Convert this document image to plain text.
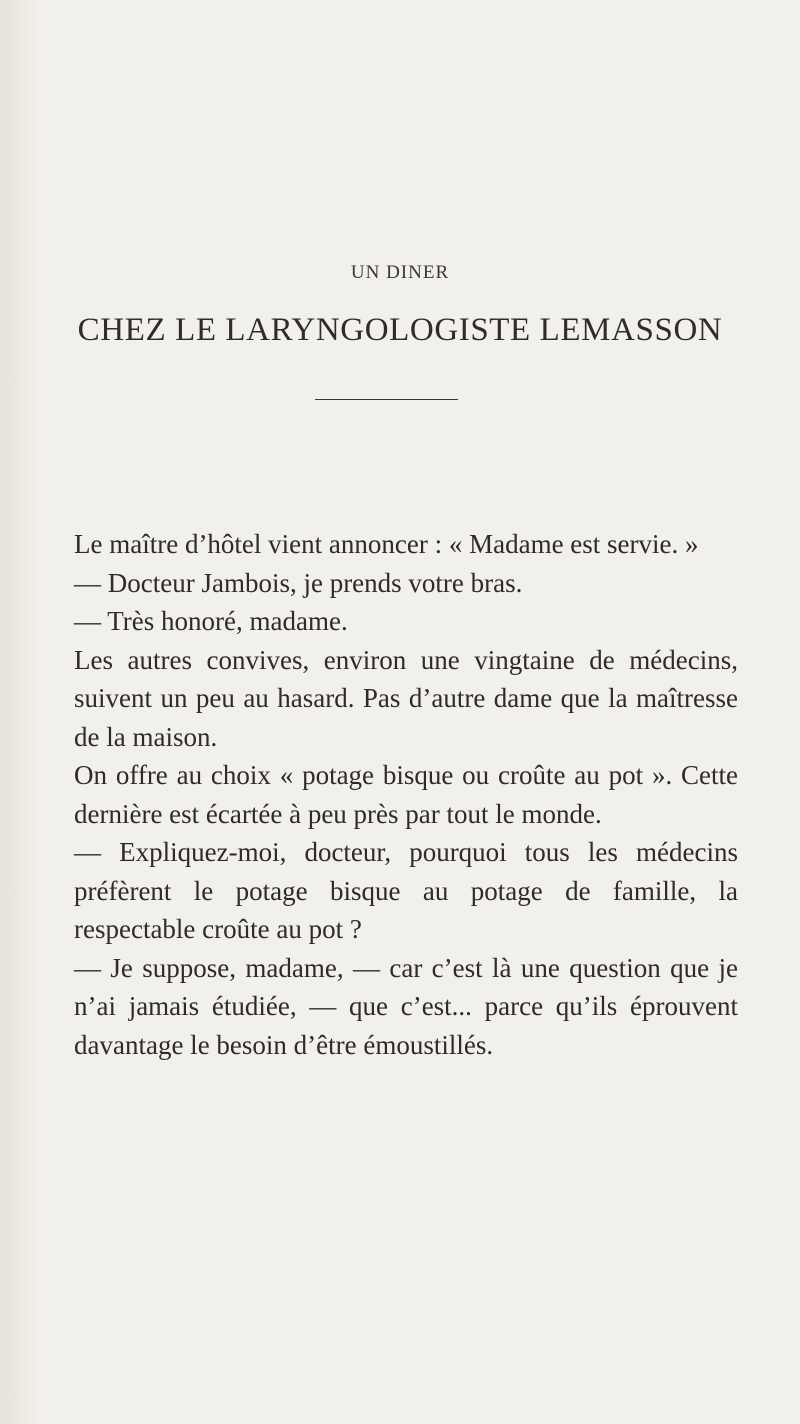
UN DINER
CHEZ LE LARYNGOLOGISTE LEMASSON

Le maître d’hôtel vient annoncer : « Madame est servie. »

— Docteur Jambois, je prends votre bras.

— Très honoré, madame.

Les autres convives, environ une vingtaine de médecins, suivent un peu au hasard. Pas d’autre dame que la maîtresse de la maison.

On offre au choix « potage bisque ou croûte au pot ». Cette dernière est écartée à peu près par tout le monde.

— Expliquez-moi, docteur, pourquoi tous les médecins préfèrent le potage bisque au potage de famille, la respectable croûte au pot ?

— Je suppose, madame, — car c’est là une question que je n’ai jamais étudiée, — que c’est... parce qu’ils éprouvent davantage le besoin d’être émoustillés.
